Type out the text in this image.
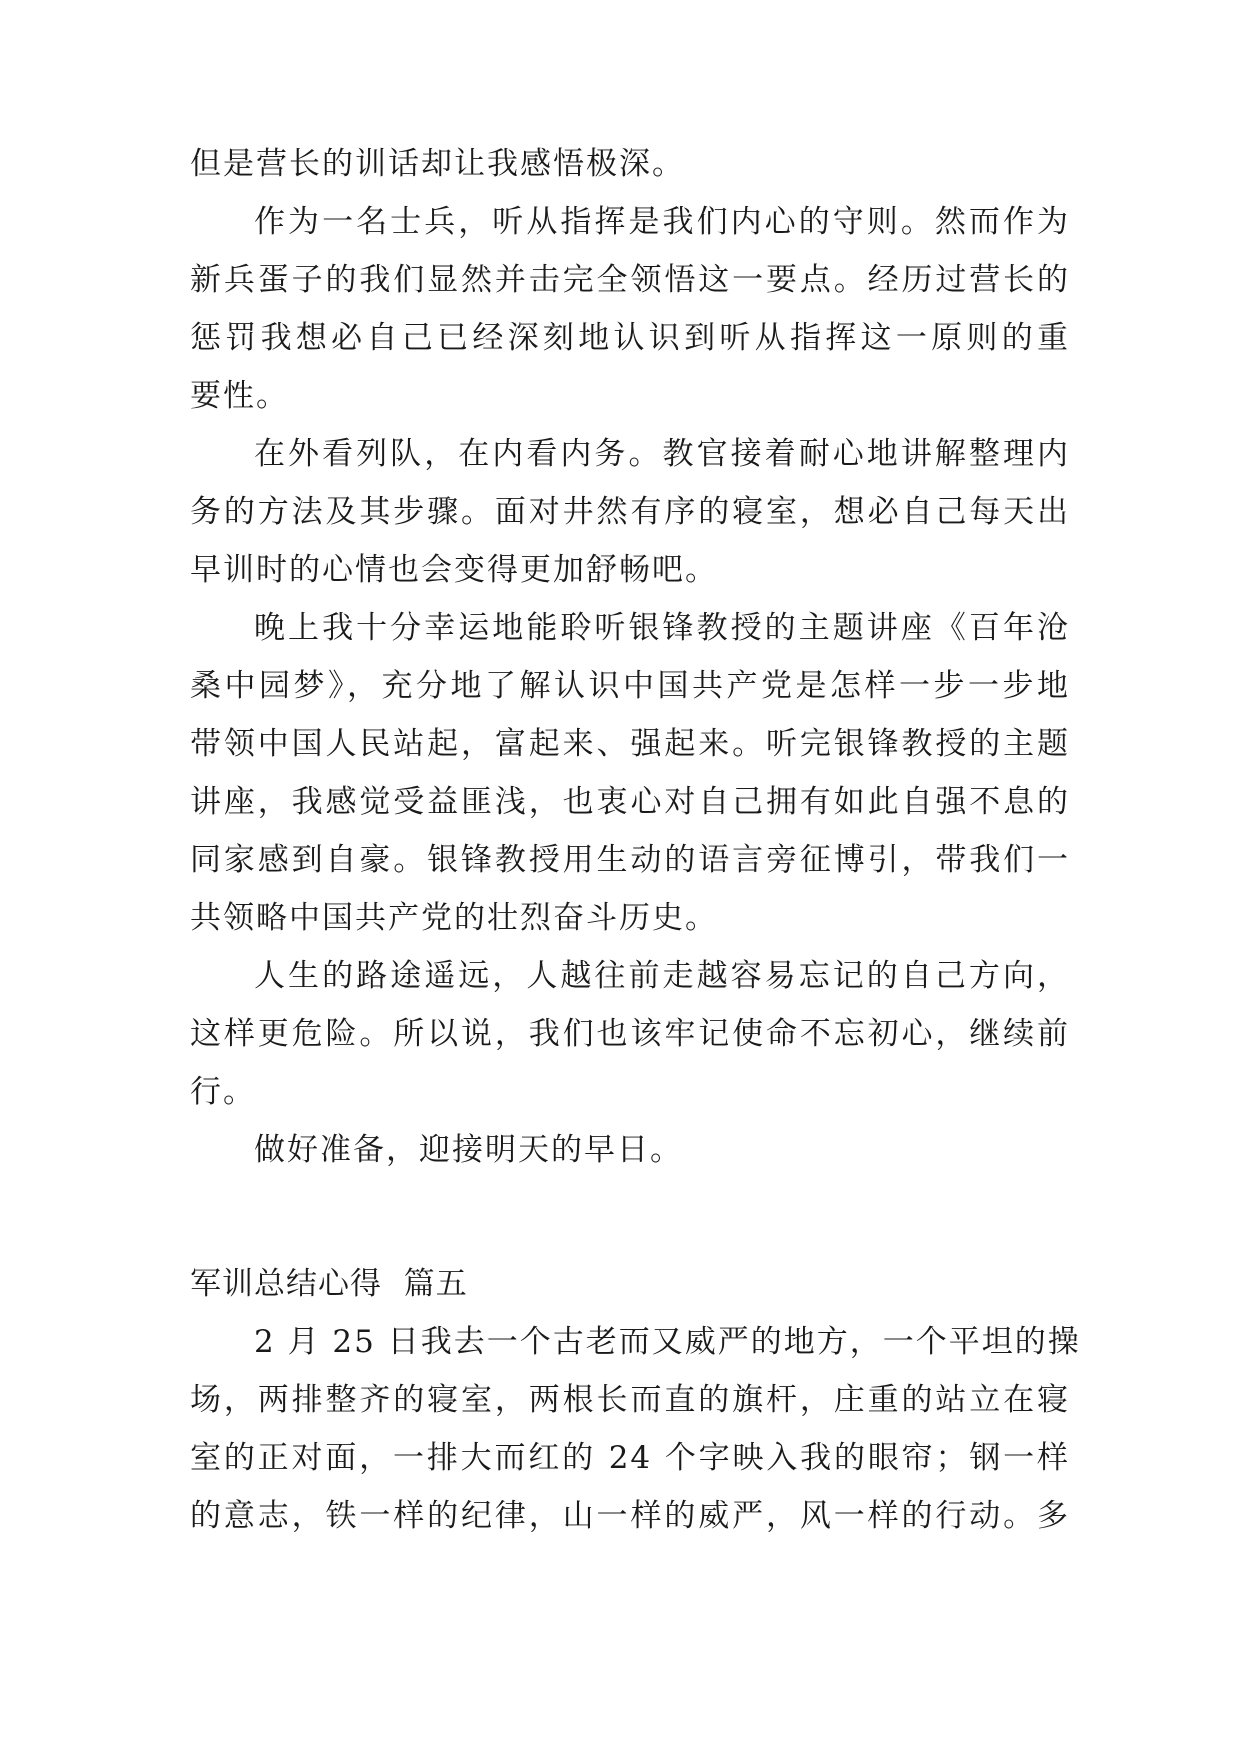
但是营长的训话却让我感悟极深。
作为一名士兵，听从指挥是我们内心的守则。然而作为
新兵蛋子的我们显然并击完全领悟这一要点。经历过营长的
惩罚我想必自己已经深刻地认识到听从指挥这一原则的重
要性。
在外看列队，在内看内务。教官接着耐心地讲解整理内
务的方法及其步骤。面对井然有序的寝室，想必自己每天出
早训时的心情也会变得更加舒畅吧。
晚上我十分幸运地能聆听银锋教授的主题讲座《百年沧
桑中园梦》，充分地了解认识中国共产党是怎样一步一步地
带领中国人民站起，富起来、强起来。听完银锋教授的主题
讲座，我感觉受益匪浅，也衷心对自己拥有如此自强不息的
同家感到自豪。银锋教授用生动的语言旁征博引，带我们一
共领略中国共产党的壮烈奋斗历史。
人生的路途遥远，人越往前走越容易忘记的自己方向，
这样更危险。所以说，我们也该牢记使命不忘初心，继续前
行。
做好准备，迎接明天的早日。
军训总结心得  篇五
2 月 25 日我去一个古老而又威严的地方，一个平坦的操
场，两排整齐的寝室，两根长而直的旗杆，庄重的站立在寝
室的正对面，一排大而红的 24 个字映入我的眼帘；钢一样
的意志，铁一样的纪律，山一样的威严，风一样的行动。多
